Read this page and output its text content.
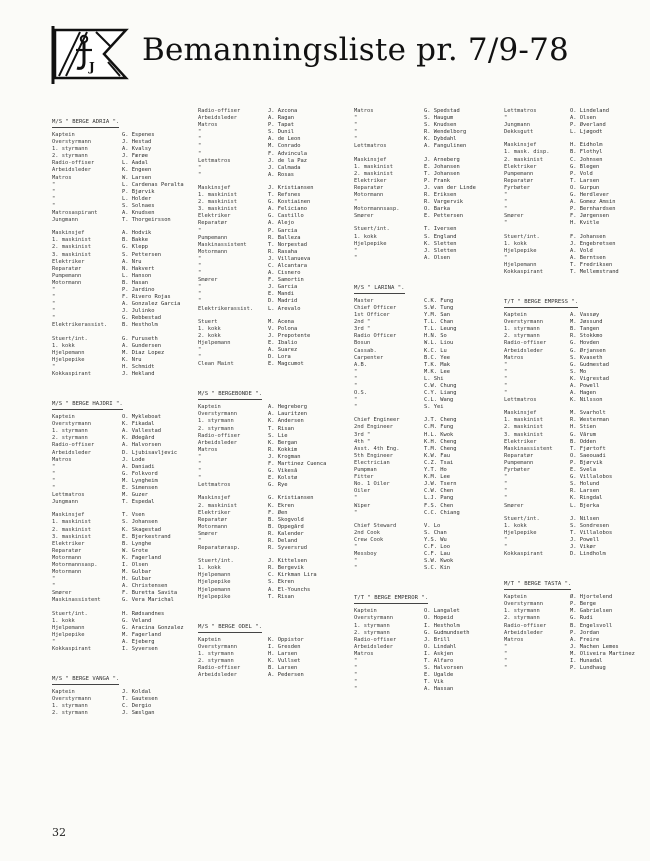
J Bemanningsliste pr. 7/9-78
M/S " BERGE ADRIA ".
Kaptein	G. Espenes
Overstyrmann	J. Hestad
1. styrmann	A. Kvalsy
2. styrmann	J. Færøe
Radio-offiser	L. Aadal
Arbeidsleder	K. Engeen
Matros	W. Larsen
"	L. Cardenas Peralta
"	P. Bjørvik
"	L. Holder
"	S. Solnaes
Matrosaspirant	A. Knudsen
Jungmann	T. Thorgeirsson
Maskinsjef	A. Hodvik
1. maskinist	B. Bakke
2. maskinist	G. Klepp
3. maskinist	S. Pettersen
Elektriker	A. Nru
Reparatør	N. Hakvert
Pumpemann	L. Hanson
Motormann	B. Hasan
"	P. Jardino
"	F. Rivero Rojas
"	A. Gonzalez Garcia
"	J. Julinko
"	G. Rebbestad
Elektrikerassist.	B. Hestholm
Stuert/int.	G. Furuseth
1. kokk	A. Gundersen
Hjelpemann	M. Diaz Lopez
Hjelpepike	K. Nru
"	H. Schmidt
Kokkaspirant	J. Hekland
M/S " BERGE HAJDRI ".
Kaptein	O. Mykleboat
Overstyrmann	K. Fikadal
1. styrmann	A. Vallestad
2. styrmann	K. Ødegård
Radio-offiser	A. Halvorsen
Arbeidsleder	D. Ljubisavljevic
Matros	J. Lode
"	A. Daniadi
"	G. Folkvord
"	M. Lyngheim
"	E. Simensen
Lettmatros	M. Guzer
Jungmann	T. Espedal
Maskinsjef	T. Vsen
1. maskinist	S. Johansen
2. maskinist	K. Skagestad
3. maskinist	E. Bjerkestrand
Elektriker	B. Lynghe
Reparatør	W. Grote
Motormann	K. Fagerland
Motormannsasp.	I. Olsen
Motormann	M. Gulbar
"	H. Gulbar
"	A. Christensen
Smører	F. Buretta Savita
Maskinassistent	G. Vera Marichal
Stuert/int.	H. Rødsandnes
1. kokk	G. Veland
Hjelpemann	G. Aracina Gonzalez
Hjelpepike	M. Fagerland
"	A. Ejeberg
Kokkaspirant	I. Syversen
M/S " BERGE VANGA ".
Kaptein	J. Koldal
Overstyrmann	T. Gautesen
1. styrmann	C. Dergio
2. styrmann	J. Sæslgan
Radio-offiser	J. Azcona
Arbeidsleder	A. Ragan
Matros	P. Tapat
"	S. Dunil
"	A. de Leon
"	M. Conrado
"	F. Advincula
Lettmatros	J. de la Paz
"	J. Calmada
"	A. Rosas
Maskinsjef	J. Kristiansen
1. maskinist	T. Refsnes
2. maskinist	G. Kostiainen
3. maskinist	A. Feliciano
Elektriker	G. Castillo
Reparatør	A. Alejo
"	P. Garcia
Pumpemann	R. Balleza
Maskinassistent	T. Norpestad
Motormann	R. Rasaha
"	J. Villanueva
"	C. Alcantara
"	A. Cisnero
Smører	F. Samortin
"	J. Garcia
"	E. Mandi
"	D. Madrid
Elektrikerassist.	L. Arevalo
Stuert	M. Acena
1. kokk	V. Polona
2. kokk	J. Prepotente
Hjelpemann	E. Ibalio
"	A. Suarez
"	D. Lora
Clean Maint	E. Magcumot
M/S " BERGEBONDE ".
Kaptein	A. Hegreberg
Overstyrmann	A. Lauritzen
1. styrmann	K. Andersen
2. styrmann	T. Risan
Radio-offiser	S. Lie
Arbeidsleder	K. Bergan
Matros	R. Kokkim
"	J. Krogman
"	F. Martinez Cuenca
"	G. Vikeså
"	E. Kolstø
Lettmatros	G. Rye
Maskinsjef	G. Kristiansen
2. maskinist	K. Ekren
Elektriker	F. Øen
Reparatør	B. Skogvold
Motormann	B. Oppegård
Smører	R. Kalender
"	R. Deland
Reparatørasp.	R. Syversrud
Stuert/int.	J. Kittelsen
1. kokk	R. Bergevik
Hjelpemann	C. Kirkman Lira
Hjelpepike	S. Ekren
Hjelpemann	A. El-Younchs
Hjelpepike	T. Risan
M/S " BERGE ODEL ".
Kaptein	K. Oppistor
Overstyrmann	I. Gresden
1. styrmann	H. Larsen
2. styrmann	K. Vullset
Radio-offiser	B. Larsen
Arbeidsleder	A. Pedersen
Matros	G. Spedstad
"	S. Haugum
"	S. Knudsen
"	R. Wendelborg
"	K. Dybdahl
Lettmatros	A. Fangulinen
Maskinsjef	J. Arneberg
1. maskinist	E. Johansen
2. maskinist	T. Johansen
Elektriker	P. Frank
Reparatør	J. van der Linde
Motormann	R. Eriksen
"	R. Vargervik
Motormannsasp.	O. Barka
Smører	E. Pettersen
Stuert/int.	T. Iversen
1. kokk	S. England
Hjelpepike	K. Sletten
"	J. Sletten
"	A. Olsen
M/S " LARINA ".
Master	C.K. Fung
Chief Officer	S.W. Tung
1st Officer	Y.M. San
2nd "	T.L. Chan
3rd "	T.L. Leung
Radio Officer	H.N. So
Bosun	W.L. Liou
Cassab.	K.C. Lu
Carpenter	B.C. Yee
A.B.	T.K. Mak
"	M.K. Lee
"	L. Shi
"	C.W. Chung
O.S.	C.Y. Liang
"	C.L. Wang
"	S. Yei
Chief Engineer	J.T. Cheng
2nd Engineer	C.M. Fung
3rd "	H.L. Kwok
4th "	K.H. Cheng
Asst. 4th Eng.	T.M. Cheng
5th Engineer	K.W. Fau
Electrician	C.Z. Tsai
Pumpman	Y.T. Ho
Fitter	K.M. Lee
No. 1 Oiler	J.W. Tsern
Oiler	C.W. Chen
"	L.J. Pang
Wiper	F.S. Chen
"	C.C. Chiang
Chief Steward	V. Lo
2nd Cook	S. Chan
Crew Cook	Y.S. Wu
"	C.F. Loo
Messboy	C.F. Lau
"	S.W. Kwok
"	S.C. Kin
T/T " BERGE EMPEROR ".
Kaptein	O. Langalet
Overstyrmann	O. Hopeid
1. styrmann	I. Hestholm
2. styrmann	G. Gudmundseth
Radio-offiser	J. Brill
Arbeidsleder	O. Lindahl
Matros	I. Askjen
"	T. Alfaro
"	S. Halvorsen
"	E. Ugalde
"	T. Vik
"	A. Hassan
Lettmatros	O. Lindeland
"	A. Olsen
Jungmann	P. Øverland
Dekksgutt	L. Ljøgodt
Maskinsjef	H. Eidholm
1. mask. disp.	B. Flothyl
2. maskinist	C. Johnsen
Elektriker	G. Blegen
Pumpemann	P. Vold
Reparatør	T. Larsen
Fyrbøter	O. Gurpun
"	G. Herdlever
"	A. Gomez Amsin
"	P. Bernhardsen
Smører	F. Jørgensen
"	H. Kvitle
Stuert/int.	F. Johansen
1. kokk	J. Engebretsen
Hjelpepike	A. Vold
"	A. Berntsen
Hjelpemann	T. Fredriksen
Kokkaspirant	T. Mellemstrand
T/T " BERGE EMPRESS ".
Kaptein	A. Vassøy
Overstyrmann	M. Jøssund
1. styrmann	B. Tangen
2. styrmann	R. Stokkmo
Radio-offiser	G. Hovden
Arbeidsleder	G. Ørjansen
Matros	S. Kvaseth
"	G. Gudmestad
"	S. Mo
"	K. Vigrestad
"	A. Powell
"	A. Hagen
Lettmatros	K. Nilsson
Maskinsjef	M. Svarholt
1. maskinist	R. Westerman
2. maskinist	H. Stien
3. maskinist	G. Vårum
Elektriker	B. Odden
Maskinassistent	T. Fjørtoft
Reparatør	O. Saeouadi
Pumpemann	P. Bjørvik
Fyrbøter	E. Svela
"	G. Villalobos
"	S. Holund
"	R. Larsen
"	K. Ringdal
Smører	L. Bjerka
Stuert/int.	J. Nilsen
1. kokk	S. Sondresen
Hjelpepike	T. Villalobos
"	J. Powell
"	J. Vikør
Kokkaspirant	D. Lindholm
M/T " BERGE TASTA ".
Kaptein	Ø. Hjortelend
Overstyrmann	P. Berge
1. styrmann	M. Gabrielsen
2. styrmann	G. Rudi
Radio-offiser	B. Engelsvoll
Arbeidsleder	P. Jordan
Matros	A. Freire
"	J. Machen Lemes
"	M. Oliveira Martinez
"	I. Hunadal
"	P. Lundhaug
32
